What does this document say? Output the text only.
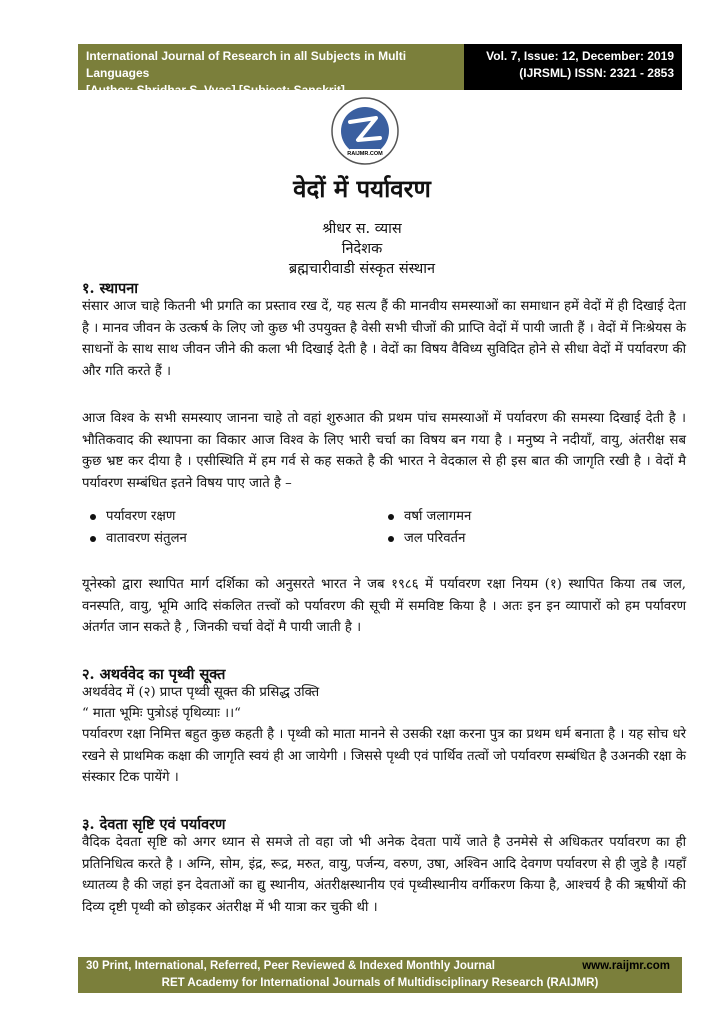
International Journal of Research in all Subjects in Multi Languages
[Author: Shridhar S. Vyas] [Subject: Sanskrit]
Vol. 7, Issue: 12, December: 2019
(IJRSML) ISSN: 2321 - 2853
RAIJMR.COM
वेदों में पर्यावरण
श्रीधर स. व्यास
निदेशक
ब्रह्मचारीवाडी संस्कृत संस्थान
१. स्थापना
संसार आज चाहे कितनी भी प्रगति का प्रस्ताव रख दें, यह सत्य हैं की मानवीय समस्याओं का समाधान हमें वेदों में ही दिखाई देता है । मानव जीवन के उत्कर्ष के लिए जो कुछ भी उपयुक्त है वेसी सभी चीजों की प्राप्ति वेदों में पायी जाती हैं । वेदों में निःश्रेयस के साधनों के साथ साथ जीवन जीने की कला भी दिखाई देती है । वेदों का विषय वैविध्य सुविदित होने से सीधा वेदों में पर्यावरण की और गति करते हैं ।
आज विश्व के सभी समस्याए जानना चाहे तो वहां शुरुआत की प्रथम पांच समस्याओं में पर्यावरण की समस्या दिखाई देती है । भौतिकवाद की स्थापना का विकार आज विश्व के लिए भारी चर्चा का विषय बन गया है । मनुष्य ने नदीयाँ, वायु, अंतरीक्ष सब कुछ भ्रष्ट कर दीया है । एसीस्थिति में हम गर्व से कह सकते है की भारत ने वेदकाल से ही इस बात की जागृति रखी है । वेदों मै पर्यावरण सम्बंधित इतने विषय पाए जाते है –
पर्यावरण रक्षण	वर्षा जलागमन
वातावरण संतुलन	जल परिवर्तन
यूनेस्को द्वारा स्थापित मार्ग दर्शिका को अनुसरते भारत ने जब १९८६ में पर्यावरण रक्षा नियम (१) स्थापित किया तब जल, वनस्पति, वायु, भूमि आदि संकलित तत्त्वों को पर्यावरण की सूची में समविष्ट किया है । अतः इन इन व्यापारों को हम पर्यावरण अंतर्गत जान सकते है , जिनकी चर्चा वेदों मै पायी जाती है ।
२. अथर्ववेद का पृथ्वी सूक्त
अथर्ववेद में (२) प्राप्त पृथ्वी सूक्त की प्रसिद्ध उक्ति
“ माता भूमिः पुत्रोऽहं पृथिव्याः ।।“
पर्यावरण रक्षा निमित्त बहुत कुछ कहती है । पृथ्वी को माता मानने से उसकी रक्षा करना पुत्र का प्रथम धर्म बनाता है । यह सोच धरे रखने से प्राथमिक कक्षा की जागृति स्वयं ही आ जायेगी । जिससे पृथ्वी एवं पार्थिव तत्वों जो पर्यावरण सम्बंधित है उअनकी रक्षा के संस्कार टिक पायेंगे ।
३. देवता सृष्टि एवं पर्यावरण
वैदिक देवता सृष्टि को अगर ध्यान से समजे तो वहा जो भी अनेक देवता पायें जाते है उनमेसे से अधिकतर पर्यावरण का ही प्रतिनिधित्व करते है । अग्नि, सोम, इंद्र, रूद्र, मरुत, वायु, पर्जन्य, वरुण, उषा, अश्विन आदि देवगण पर्यावरण से ही जुडे है ।यहाँ ध्यातव्य है की जहां इन देवताओं का द्यु स्थानीय, अंतरीक्षस्थानीय एवं पृथ्वीस्थानीय वर्गीकरण किया है, आश्चर्य है की ऋषीयों की दिव्य दृष्टी पृथ्वी को छोड़कर अंतरीक्ष में भी यात्रा कर चुकी थी ।
30 Print, International, Referred, Peer Reviewed & Indexed Monthly Journal	www.raijmr.com
RET Academy for International Journals of Multidisciplinary Research (RAIJMR)
